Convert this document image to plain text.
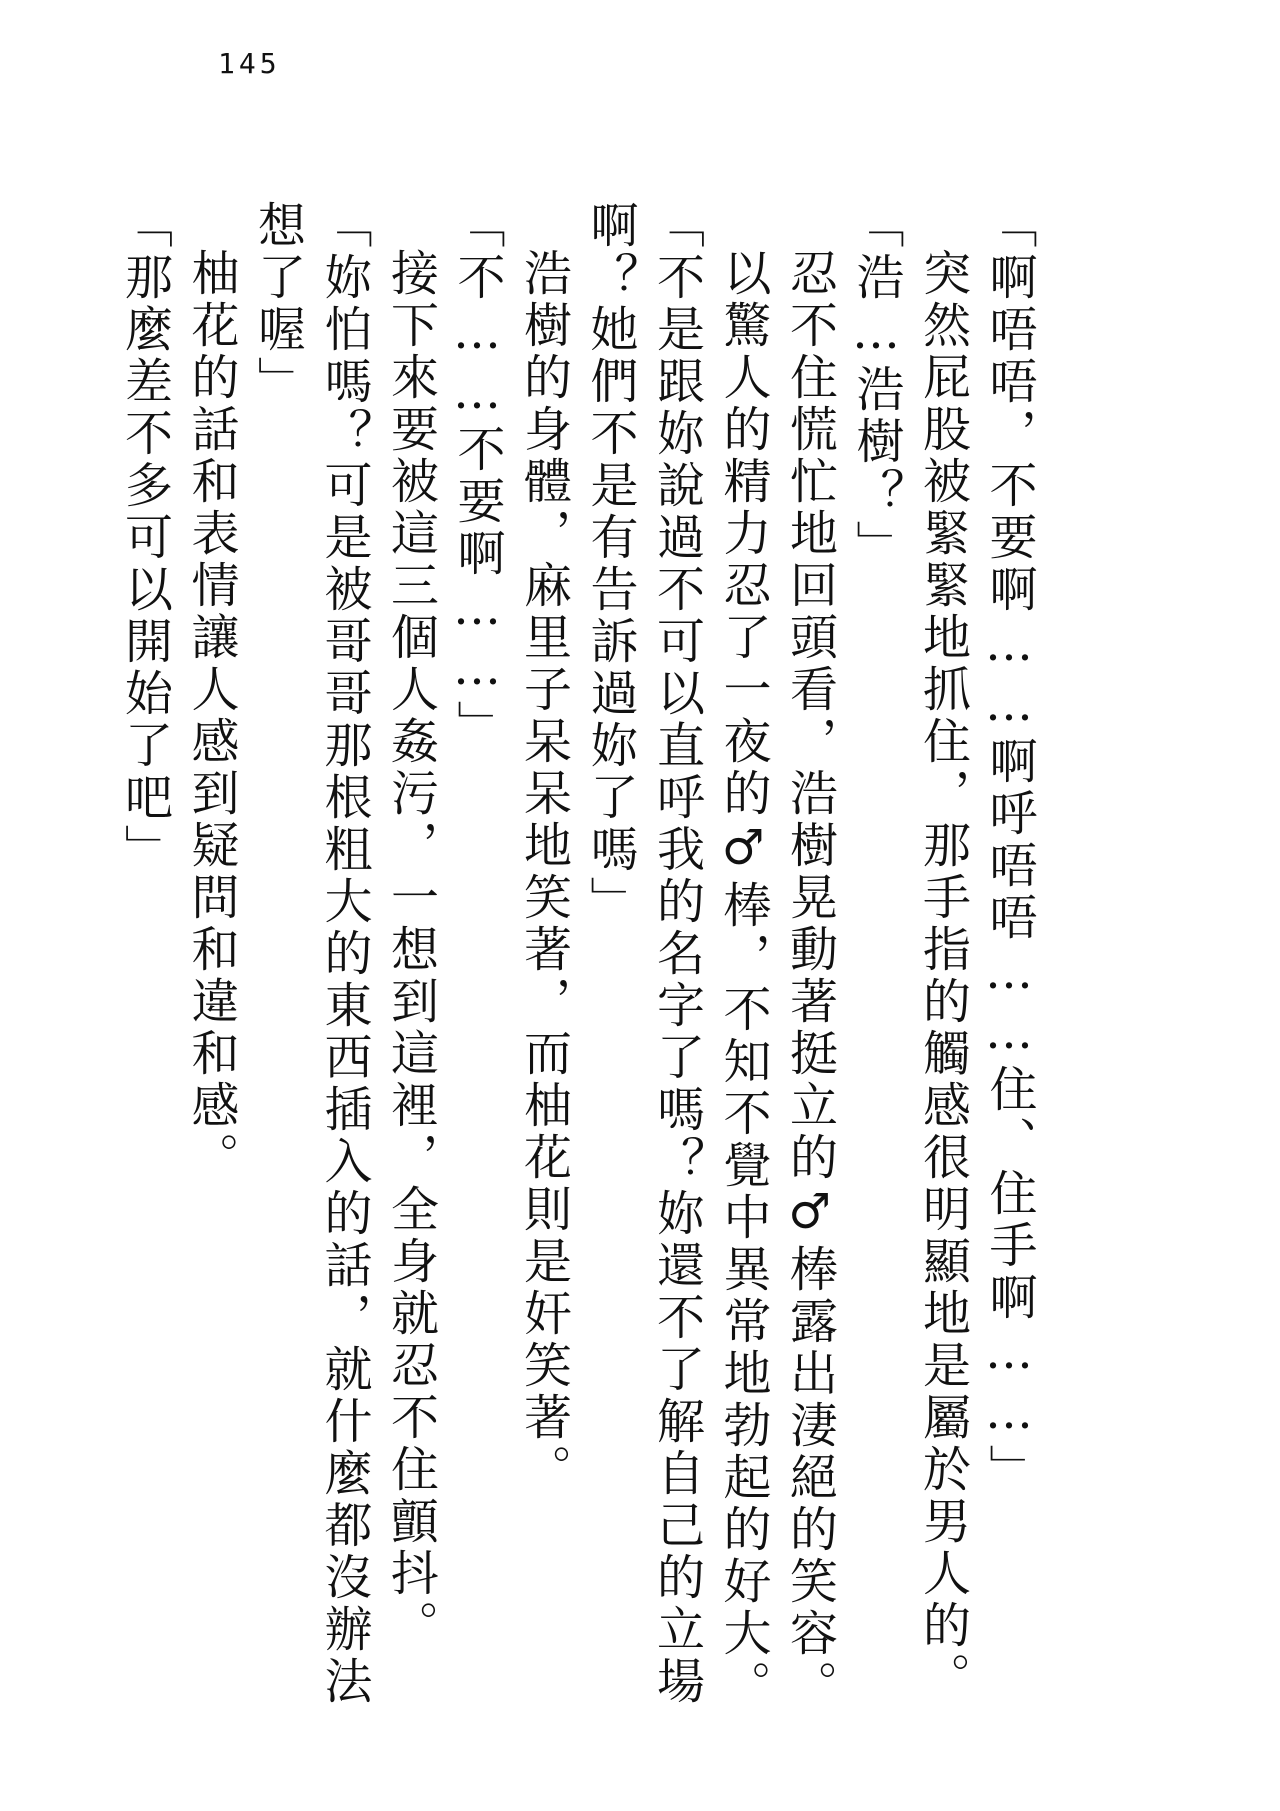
145

「啊唔唔，不要啊……啊呼唔唔……住、住手啊……」

突然屁股被緊緊地抓住，那手指的觸感很明顯地是屬於男人的。

「浩…浩樹？」

忍不住慌忙地回頭看，浩樹晃動著挺立的♂棒露出淒絕的笑容。以驚人的精力忍了一夜的♂棒，不知不覺中異常地勃起的好大。

「不是跟妳說過不可以直呼我的名字了嗎？妳還不了解自己的立場啊？她們不是有告訴過妳了嗎」

浩樹的身體，麻里子呆呆地笑著，而柚花則是奸笑著。

「不……不要啊……」

接下來要被這三個人姦污，一想到這裡，全身就忍不住顫抖。

「妳怕嗎？可是被哥哥那根粗大的東西插入的話，就什麼都沒辦法想了喔」

柚花的話和表情讓人感到疑問和違和感。

「那麼差不多可以開始了吧」
